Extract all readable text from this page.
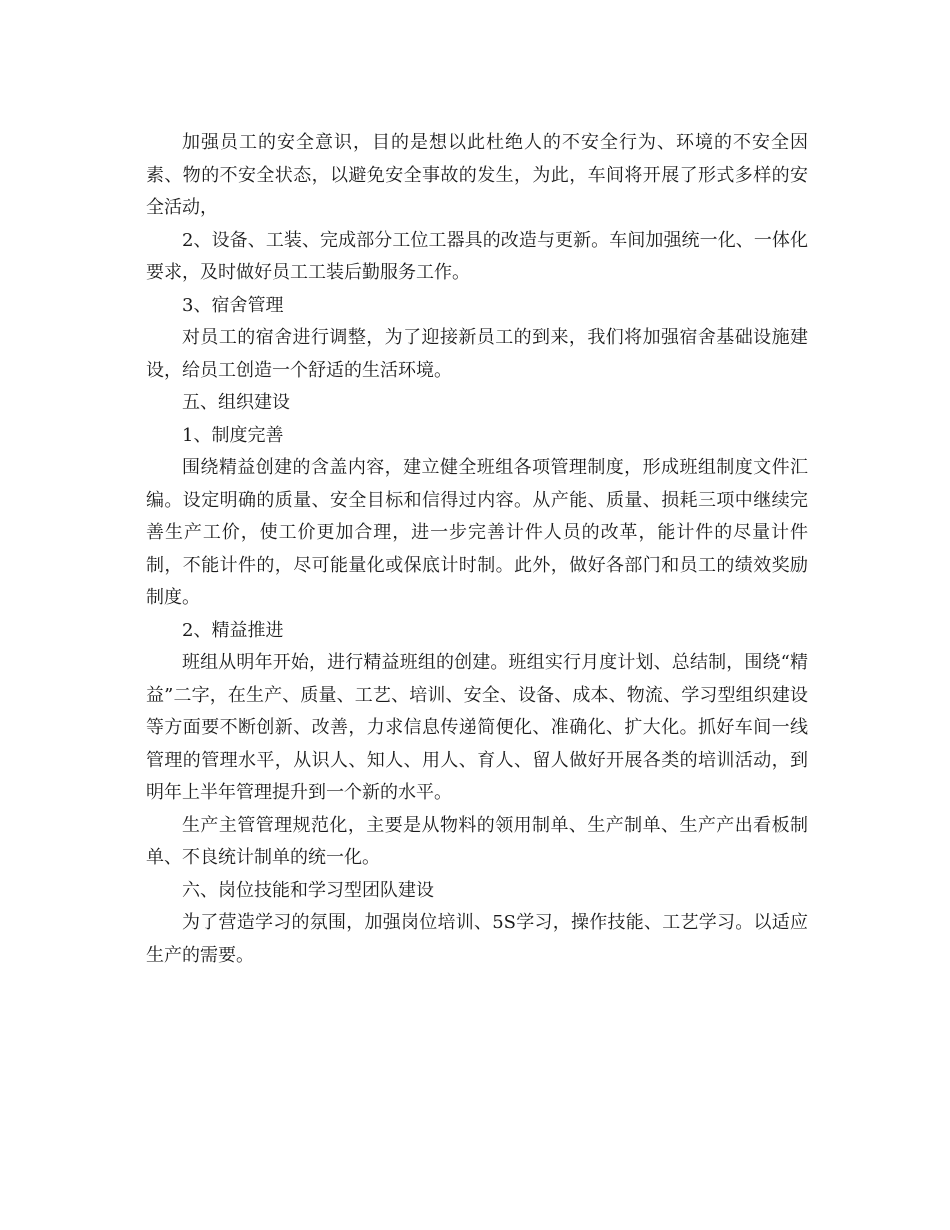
加强员工的安全意识，目的是想以此杜绝人的不安全行为、环境的不安全因素、物的不安全状态，以避免安全事故的发生，为此，车间将开展了形式多样的安全活动，

2、设备、工装、完成部分工位工器具的改造与更新。车间加强统一化、一体化要求，及时做好员工工装后勤服务工作。

3、宿舍管理

对员工的宿舍进行调整，为了迎接新员工的到来，我们将加强宿舍基础设施建设，给员工创造一个舒适的生活环境。

五、组织建设

1、制度完善

围绕精益创建的含盖内容，建立健全班组各项管理制度，形成班组制度文件汇编。设定明确的质量、安全目标和信得过内容。从产能、质量、损耗三项中继续完善生产工价，使工价更加合理，进一步完善计件人员的改革，能计件的尽量计件制，不能计件的，尽可能量化或保底计时制。此外，做好各部门和员工的绩效奖励制度。

2、精益推进

班组从明年开始，进行精益班组的创建。班组实行月度计划、总结制，围绕“精益”二字，在生产、质量、工艺、培训、安全、设备、成本、物流、学习型组织建设等方面要不断创新、改善，力求信息传递简便化、准确化、扩大化。抓好车间一线管理的管理水平，从识人、知人、用人、育人、留人做好开展各类的培训活动，到明年上半年管理提升到一个新的水平。

生产主管管理规范化，主要是从物料的领用制单、生产制单、生产产出看板制单、不良统计制单的统一化。

六、岗位技能和学习型团队建设

为了营造学习的氛围，加强岗位培训、5S学习，操作技能、工艺学习。以适应生产的需要。
